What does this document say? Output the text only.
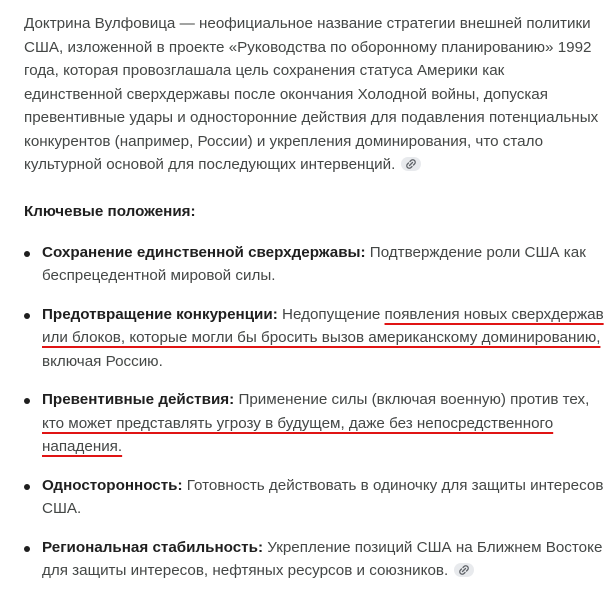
Доктрина Вулфовица — неофициальное название стратегии внешней политики США, изложенной в проекте «Руководства по оборонному планированию» 1992 года, которая провозглашала цель сохранения статуса Америки как единственной сверхдержавы после окончания Холодной войны, допуская превентивные удары и односторонние действия для подавления потенциальных конкурентов (например, России) и укрепления доминирования, что стало культурной основой для последующих интервенций.

Ключевые положения:
Сохранение единственной сверхдержавы: Подтверждение роли США как беспрецедентной мировой силы.
Предотвращение конкуренции: Недопущение появления новых сверхдержав или блоков, которые могли бы бросить вызов американскому доминированию, включая Россию.
Превентивные действия: Применение силы (включая военную) против тех, кто может представлять угрозу в будущем, даже без непосредственного нападения.
Односторонность: Готовность действовать в одиночку для защиты интересов США.
Региональная стабильность: Укрепление позиций США на Ближнем Востоке для защиты интересов, нефтяных ресурсов и союзников.
